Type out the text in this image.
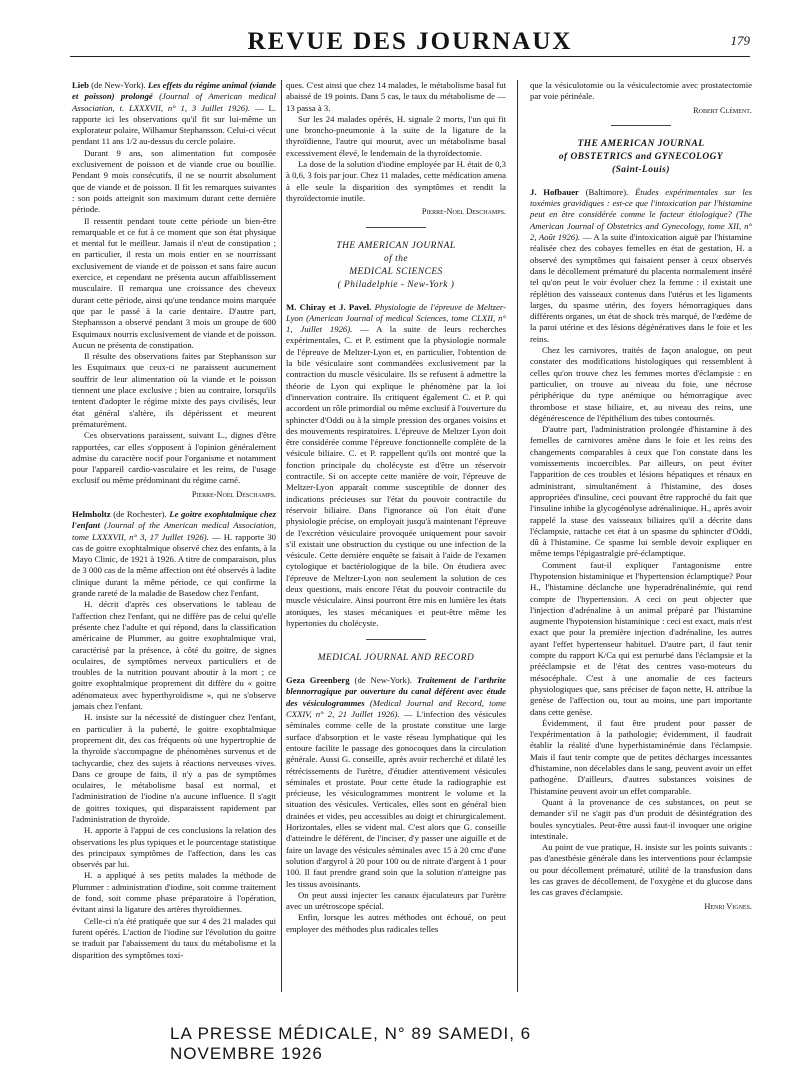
REVUE DES JOURNAUX	179

Lieb (de New-York). Les effets du régime animal (viande et poisson) prolongé (Journal of American medical Association, t. LXXXVII, n° 1, 3 Juillet 1926). — L. rapporte ici les observations qu'il fit sur lui-même un explorateur polaire, Wilhamur Stephansson. Celui-ci vécut pendant 11 ans 1/2 au-dessus du cercle polaire.

Durant 9 ans, son alimentation fut composée exclusivement de poisson et de viande crue ou bouillie. Pendant 9 mois consécutifs, il ne se nourrit absolument que de viande et de poisson. Il fit les remarques suivantes : son poids atteignit son maximum durant cette dernière période.

Il ressentit pendant toute cette période un bien-être remarquable et ce fut à ce moment que son état physique et mental fut le meilleur. Jamais il n'eut de constipation ; en particulier, il resta un mois entier en se nourrissant exclusivement de viande et de poisson et sans faire aucun exercice, et cependant ne présenta aucun affaiblissement musculaire. Il remarqua une croissance des cheveux durant cette période, ainsi qu'une tendance moins marquée que par le passé à la carie dentaire. D'autre part, Stephansson a observé pendant 3 mois un groupe de 600 Esquimaux nourris exclusivement de viande et de poisson. Aucun ne présenta de constipation.

Il résulte des observations faites par Stephansson sur les Esquimaux que ceux-ci ne paraissent aucunement souffrir de leur alimentation où la viande et le poisson tiennent une place exclusive ; bien au contraire, lorsqu'ils tentent d'adopter le régime mixte des pays civilisés, leur état général s'altère, ils dépérissent et meurent prématurément.

Ces observations paraissent, suivant L., dignes d'être rapportées, car elles s'opposent à l'opinion généralement admise du caractère nocif pour l'organisme et notamment pour l'appareil cardio-vasculaire et les reins, de l'usage exclusif ou même prédominant du régime carné.

Pierre-Noel Deschamps.

Helmholtz (de Rochester). Le goitre exophtalmique chez l'enfant (Journal of the American medical Association, tome LXXXVII, n° 3, 17 Juillet 1926). — H. rapporte 30 cas de goitre exophtalmique observé chez des enfants, à la Mayo Clinic, de 1921 à 1926. A titre de comparaison, plus de 3 000 cas de la même affection ont été observés à ladite clinique durant la même période, ce qui confirme la grande rareté de la maladie de Basedow chez l'enfant.

H. décrit d'après ces observations le tableau de l'affection chez l'enfant, qui ne diffère pas de celui qu'elle présente chez l'adulte et qui répond, dans la classification américaine de Plummer, au goitre exophtalmique vrai, caractérisé par la présence, à côté du goitre, de signes oculaires, de symptômes nerveux particuliers et de troubles de la nutrition pouvant aboutir à la mort ; ce goitre exophtalmique proprement dit diffère du « goitre adénomateux avec hyperthyroïdisme », qui ne s'observe jamais chez l'enfant.

H. insiste sur la nécessité de distinguer chez l'enfant, en particulier à la puberté, le goitre exophtalmique proprement dit, des cas fréquents où une hypertrophie de la thyroïde s'accompagne de phénomènes survenus et de tachycardie, chez des sujets à réactions nerveuses vives. Dans ce groupe de faits, il n'y a pas de symptômes oculaires, le métabolisme basal est normal, et l'administration de l'iodine n'a aucune influence. Il s'agit de goitres toxiques, qui disparaissent rapidement par l'administration de thyroïde.

H. apporte à l'appui de ces conclusions la relation des observations les plus typiques et le pourcentage statistique des principaux symptômes de l'affection, dans les cas observés par lui.

H. a appliqué à ses petits malades la méthode de Plummer : administration d'iodine, soit comme traitement de fond, soit comme phase préparatoire à l'opération, évitant ainsi la ligature des artères thyroïdiennes.

Celle-ci n'a été pratiquée que sur 4 des 21 malades qui furent opérés. L'action de l'iodine sur l'évolution du goitre se traduit par l'abaissement du taux du métabolisme et la disparition des symptômes toxi-

ques. C'est ainsi que chez 14 malades, le métabolisme basal fut abaissé de 19 points. Dans 5 cas, le taux du métabolisme de — 13 passa à 3.

Sur les 24 malades opérés, H. signale 2 morts, l'un qui fit une broncho-pneumonie à la suite de la ligature de la thyroïdienne, l'autre qui mourut, avec un métabolisme basal excessivement élevé, le lendemain de la thyroïdectomie.

La dose de la solution d'iodine employée par H. était de 0,3 à 0,6, 3 fois par jour. Chez 11 malades, cette médication amena à elle seule la disparition des symptômes et rendit la thyroïdectomie inutile.

Pierre-Noel Deschamps.
THE AMERICAN JOURNAL
of the
MEDICAL SCIENCES
( Philadelphie - New-York )

M. Chiray et J. Pavel. Physiologie de l'épreuve de Meltzer-Lyon (American Journal of medical Sciences, tome CLXII, n° 1, Juillet 1926). — A la suite de leurs recherches expérimentales, C. et P. estiment que la physiologie normale de l'épreuve de Meltzer-Lyon et, en particulier, l'obtention de la bile vésiculaire sont commandées exclusivement par la contraction du muscle vésiculaire. Ils se refusent à admettre la théorie de Lyon qui explique le phénomène par la loi d'innervation contraire. Ils critiquent également C. et P. qui accordent un rôle primordial ou même exclusif à l'ouverture du sphincter d'Oddi ou à la simple pression des organes voisins et des mouvements respiratoires. L'épreuve de Meltzer Lyon doit être considérée comme l'épreuve fonctionnelle complète de la vésicule biliaire. C. et P. rappellent qu'ils ont montré que la fonction principale du cholécyste est d'être un réservoir contractile. Si on accepte cette manière de voir, l'épreuve de Meltzer-Lyon apparaît comme susceptible de donner des indications précieuses sur l'état du pouvoir contractile du réservoir biliaire. Dans l'ignorance où l'on était d'une physiologie précise, on employait jusqu'à maintenant l'épreuve de l'excrétion vésiculaire provoquée uniquement pour savoir s'il existait une obstruction du cystique ou une infection de la vésicule. Cette dernière enquête se faisait à l'aide de l'examen cytologique et bactériologique de la bile. On étudiera avec l'épreuve de Meltzer-Lyon non seulement la solution de ces deux questions, mais encore l'état du pouvoir contractile du muscle vésiculaire. Ainsi pourront être mis en lumière les états atoniques, les stases mécaniques et peut-être même les hypertonies du cholécyste.

MEDICAL JOURNAL AND RECORD

Geza Greenberg (de New-York). Traitement de l'arthrite blennorragique par ouverture du canal déférent avec étude des vésiculogrammes (Medical Journal and Record, tome CXXIV, n° 2, 21 Juillet 1926). — L'infection des vésicules séminales comme celle de la prostate constitue une large surface d'absorption et le vaste réseau lymphatique qui les entoure facilite le passage des gonocoques dans la circulation générale. Aussi G. conseille, après avoir recherché et dilaté les rétrécissements de l'urètre, d'étudier attentivement vésicules séminales et prostate. Pour cette étude la radiographie est précieuse, les vésiculogrammes montrent le volume et la situation des vésicules. Verticales, elles sont en général bien drainées et vides, peu accessibles au doigt et chirurgicalement. Horizontales, elles se vident mal. C'est alors que G. conseille d'atteindre le déférent, de l'inciser, d'y passer une aiguille et de faire un lavage des vésicules séminales avec 15 à 20 cmc d'une solution d'argyrol à 20 pour 100 ou de nitrate d'argent à 1 pour 100. Il faut prendre grand soin que la solution n'atteigne pas les tissus avoisinants.

On peut aussi injecter les canaux éjaculateurs par l'urètre avec un urétroscope spécial.

Enfin, lorsque les autres méthodes ont échoué, on peut employer des méthodes plus radicales telles

que la vésiculotomie ou la vésiculectomie avec prostatectomie par voie périnéale.

Robert Clément.
THE AMERICAN JOURNAL
of OBSTETRICS and GYNECOLOGY
(Saint-Louis)

J. Hofbauer (Baltimore). Études expérimentales sur les toxémies gravidiques : est-ce que l'intoxication par l'histamine peut en être considérée comme le facteur étiologique? (The American Journal of Obstetrics and Gynecology, tome XII, n° 2, Août 1926). — A la suite d'intoxication aiguë par l'histamine réalisée chez des cobayes femelles en état de gestation, H. a observé des symptômes qui faisaient penser à ceux observés dans le décollement prématuré du placenta normalement inséré tel qu'on peut le voir évoluer chez la femme : il existait une réplétion des vaisseaux contenus dans l'utérus et les ligaments larges, du spasme utérin, des foyers hémorragiques dans différents organes, un état de shock très marqué, de l'œdème de la paroi utérine et des lésions dégénératives dans le foie et les reins.

Chez les carnivores, traités de façon analogue, on peut constater des modifications histologiques qui ressemblent à celles qu'on trouve chez les femmes mortes d'éclampsie : en particulier, on trouve au niveau du foie, une nécrose périphérique du type anémique ou hémorragique avec thrombose et stase biliaire, et, au niveau des reins, une dégénérescence de l'épithélium des tubes contournés.

D'autre part, l'administration prolongée d'histamine à des femelles de carnivores amène dans le foie et les reins des changements comparables à ceux que l'on constate dans les vomissements incoercibles. Par ailleurs, on peut éviter l'apparition de ces troubles et lésions hépatiques et rénaux en administrant, simultanément à l'histamine, des doses appropriées d'insuline, ceci pouvant être rapproché du fait que l'insuline inhibe la glycogénolyse adrénalinique. H., après avoir rappelé la stase des vaisseaux biliaires qu'il a décrite dans l'éclampsie, rattache cet état à un spasme du sphincter d'Oddi, dû à l'histamine. Ce spasme lui semble devoir expliquer en même temps l'épigastralgie pré-éclamptique.

Comment faut-il expliquer l'antagonisme entre l'hypotension histaminique et l'hypertension éclamptique? Pour H., l'histamine déclanche une hyperadrénalinémie, qui rend compte de l'hypertension. A ceci on peut objecter que l'injection d'adrénaline à un animal préparé par l'histamine augmente l'hypotension histaminique : ceci est exact, mais n'est exact que pour la première injection d'adrénaline, les autres ayant l'effet hypertenseur habituel. D'autre part, il faut tenir compte du rapport K/Ca qui est perturbé dans l'éclampsie et la prééclampsie et de l'état des centres vaso-moteurs du mésocéphale. C'est à une anomalie de ces facteurs physiologiques que, sans préciser de façon nette, H. attribue la genèse de l'affection ou, tout au moins, une part importante dans cette genèse.

Évidemment, il faut être prudent pour passer de l'expérimentation à la pathologie; évidemment, il faudrait établir la réalité d'une hyperhistaminémie dans l'éclampsie. Mais il faut tenir compte que de petites décharges incessantes d'histamine, non décelables dans le sang, peuvent avoir un effet pathogène. D'ailleurs, d'autres substances voisines de l'histamine peuvent avoir un effet comparable.

Quant à la provenance de ces substances, on peut se demander s'il ne s'agit pas d'un produit de désintégration des boules syncytiales. Peut-être aussi faut-il invoquer une origine intestinale.

Au point de vue pratique, H. insiste sur les points suivants : pas d'anesthésie générale dans les interventions pour éclampsie ou pour décollement prématuré, utilité de la transfusion dans les cas graves de décollement, de l'oxygène et du glucose dans les cas graves d'éclampsie.

Henri Vignes.
LA PRESSE MÉDICALE, N° 89 SAMEDI, 6 NOVEMBRE 1926
